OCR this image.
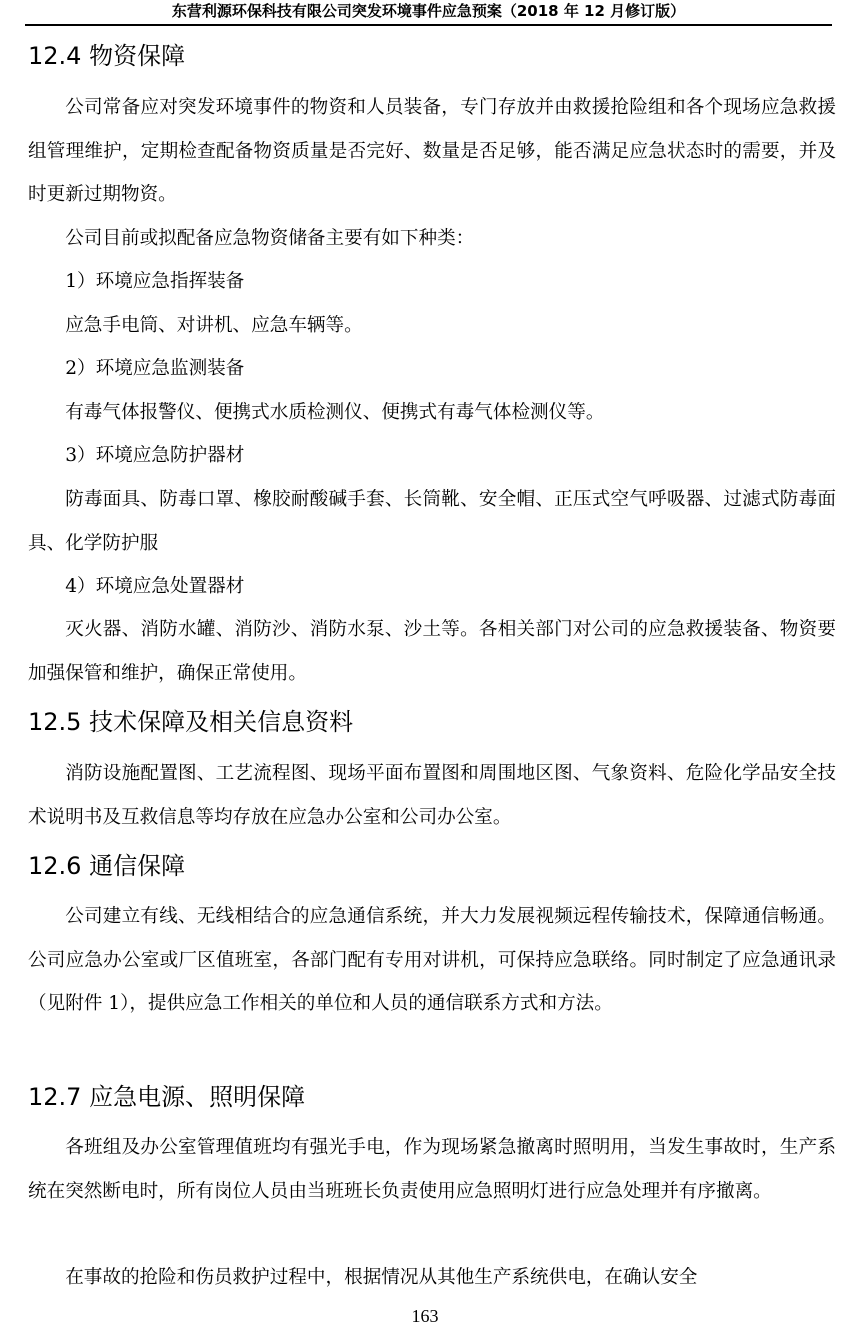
东营利源环保科技有限公司突发环境事件应急预案（2018 年 12 月修订版）
12.4 物资保障

公司常备应对突发环境事件的物资和人员装备，专门存放并由救援抢险组和各个现场应急救援组管理维护，定期检查配备物资质量是否完好、数量是否足够，能否满足应急状态时的需要，并及时更新过期物资。

公司目前或拟配备应急物资储备主要有如下种类：

1）环境应急指挥装备

应急手电筒、对讲机、应急车辆等。

2）环境应急监测装备

有毒气体报警仪、便携式水质检测仪、便携式有毒气体检测仪等。

3）环境应急防护器材

防毒面具、防毒口罩、橡胶耐酸碱手套、长筒靴、安全帽、正压式空气呼吸器、过滤式防毒面具、化学防护服

4）环境应急处置器材

灭火器、消防水罐、消防沙、消防水泵、沙土等。各相关部门对公司的应急救援装备、物资要加强保管和维护，确保正常使用。

12.5 技术保障及相关信息资料

消防设施配置图、工艺流程图、现场平面布置图和周围地区图、气象资料、危险化学品安全技术说明书及互救信息等均存放在应急办公室和公司办公室。

12.6 通信保障

公司建立有线、无线相结合的应急通信系统，并大力发展视频远程传输技术，保障通信畅通。公司应急办公室或厂区值班室，各部门配有专用对讲机，可保持应急联络。同时制定了应急通讯录（见附件 1），提供应急工作相关的单位和人员的通信联系方式和方法。

12.7 应急电源、照明保障

各班组及办公室管理值班均有强光手电，作为现场紧急撤离时照明用，当发生事故时，生产系统在突然断电时，所有岗位人员由当班班长负责使用应急照明灯进行应急处理并有序撤离。

在事故的抢险和伤员救护过程中，根据情况从其他生产系统供电，在确认安全

163
